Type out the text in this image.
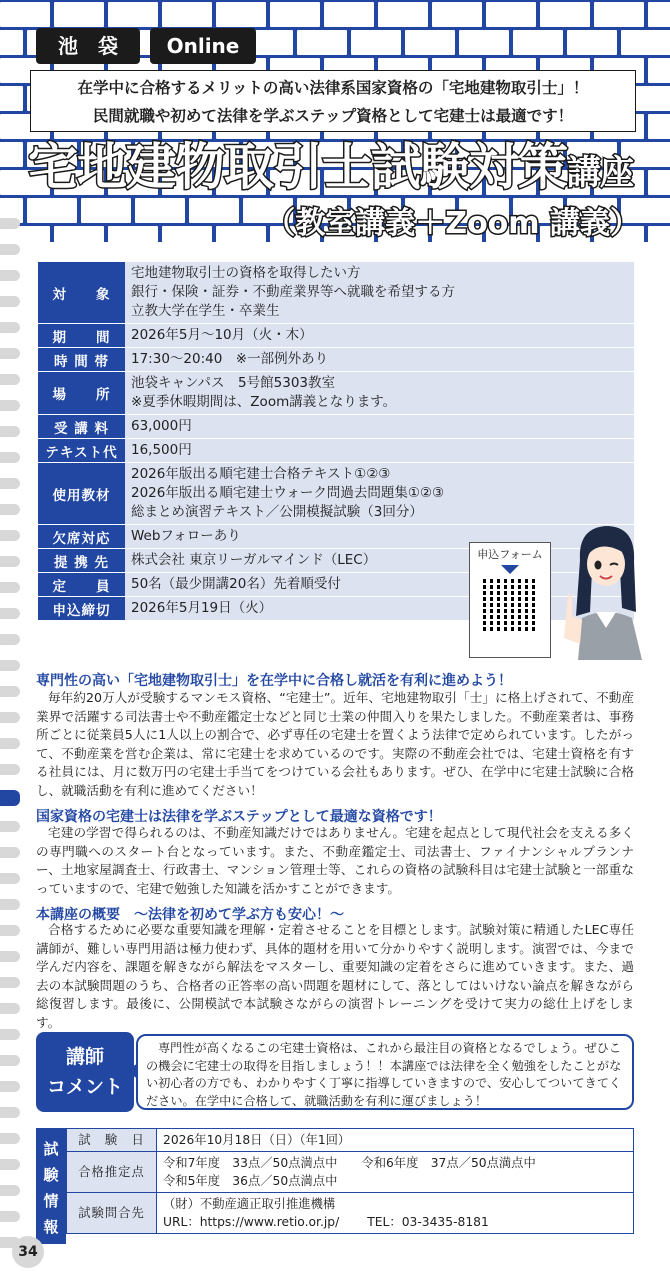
池　袋	Online
在学中に合格するメリットの高い法律系国家資格の「宅地建物取引士」！
民間就職や初めて法律を学ぶステップ資格として宅建士は最適です！
宅地建物取引士試験対策講座
（教室講義＋Zoom 講義）
対　　象	宅地建物取引士の資格を取得したい方
銀行・保険・証券・不動産業界等へ就職を希望する方
立教大学在学生・卒業生

期　　間	2026年5月～10月（火・木）

時 間 帯	17:30～20:40　※一部例外あり

場　　所	池袋キャンパス　5号館5303教室
※夏季休暇期間は、Zoom講義となります。

受 講 料	63,000円

テキスト代	16,500円

使用教材	2026年版出る順宅建士合格テキスト①②③
2026年版出る順宅建士ウォーク問過去問題集①②③
総まとめ演習テキスト／公開模擬試験（3回分）

欠席対応	Webフォローあり

提 携 先	株式会社 東京リーガルマインド（LEC）

定　　員	50名（最少開講20名）先着順受付

申込締切	2026年5月19日（火）
申込フォーム
専門性の高い「宅地建物取引士」を在学中に合格し就活を有利に進めよう！
毎年約20万人が受験するマンモス資格、“宅建士”。近年、宅地建物取引「士」に格上げされて、不動産業界で活躍する司法書士や不動産鑑定士などと同じ士業の仲間入りを果たしました。不動産業者は、事務所ごとに従業員5人に1人以上の割合で、必ず専任の宅建士を置くよう法律で定められています。したがって、不動産業を営む企業は、常に宅建士を求めているのです。実際の不動産会社では、宅建士資格を有する社員には、月に数万円の宅建士手当てをつけている会社もあります。ぜひ、在学中に宅建士試験に合格し、就職活動を有利に進めてください！
国家資格の宅建士は法律を学ぶステップとして最適な資格です！
宅建の学習で得られるのは、不動産知識だけではありません。宅建を起点として現代社会を支える多くの専門職へのスタート台となっています。また、不動産鑑定士、司法書士、ファイナンシャルプランナー、土地家屋調査士、行政書士、マンション管理士等、これらの資格の試験科目は宅建士試験と一部重なっていますので、宅建で勉強した知識を活かすことができます。
本講座の概要　～法律を初めて学ぶ方も安心！～
合格するために必要な重要知識を理解・定着させることを目標とします。試験対策に精通したLEC専任講師が、難しい専門用語は極力使わず、具体的題材を用いて分かりやすく説明します。演習では、今まで学んだ内容を、課題を解きながら解法をマスターし、重要知識の定着をさらに進めていきます。また、過去の本試験問題のうち、合格者の正答率の高い問題を題材にして、落としてはいけない論点を解きながら総復習します。最後に、公開模試で本試験さながらの演習トレーニングを受けて実力の総仕上げをします。
講師
コメント
専門性が高くなるこの宅建士資格は、これから最注目の資格となるでしょう。ぜひこの機会に宅建士の取得を目指しましょう！！本講座では法律を全く勉強をしたことがない初心者の方でも、わかりやすく丁寧に指導していきますので、安心してついてきてください。在学中に合格して、就職活動を有利に運びましょう！
試
験
情
報
試　験　日	2026年10月18日（日）（年1回）
合格推定点	令和7年度　33点／50点満点中 令和6年度　37点／50点満点中
令和5年度　36点／50点満点中

試験問合先	（財）不動産適正取引推進機構
URL：https://www.retio.or.jp/ TEL：03-3435-8181
34
